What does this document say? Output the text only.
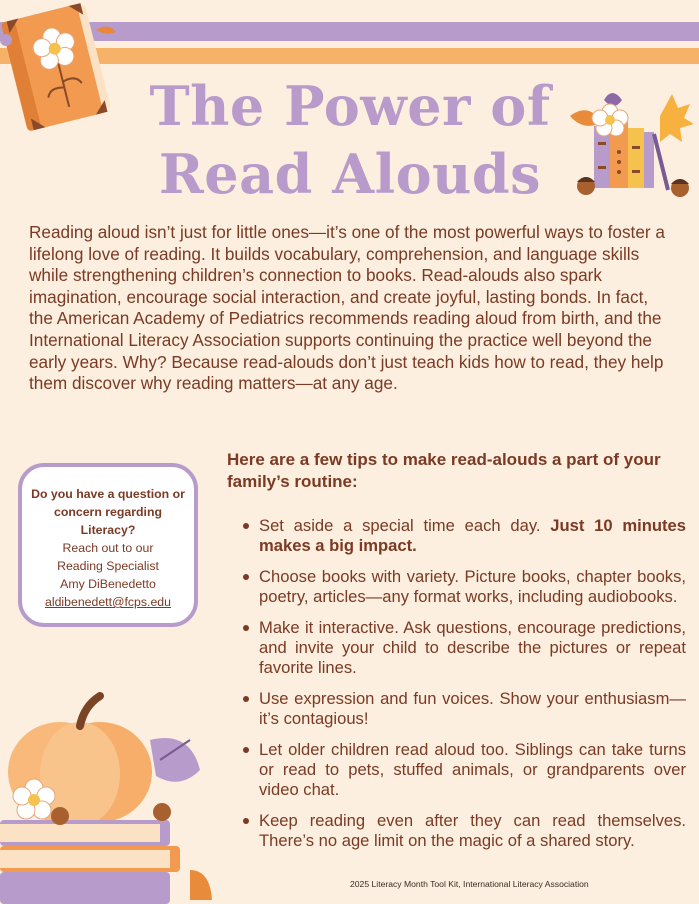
The Power of
Read Alouds

Reading aloud isn’t just for little ones—it’s one of the most powerful ways to foster a lifelong love of reading. It builds vocabulary, comprehension, and language skills while strengthening children’s connection to books. Read-alouds also spark imagination, encourage social interaction, and create joyful, lasting bonds. In fact, the American Academy of Pediatrics recommends reading aloud from birth, and the International Literacy Association supports continuing the practice well beyond the early years. Why? Because read-alouds don’t just teach kids how to read, they help them discover why reading matters—at any age.

Do you have a question or concern regarding Literacy?
Reach out to our
Reading Specialist
Amy DiBenedetto
aldibenedett@fcps.edu

Here are a few tips to make read-alouds a part of your family’s routine:

Set aside a special time each day. Just 10 minutes makes a big impact.
Choose books with variety. Picture books, chapter books, poetry, articles—any format works, including audiobooks.
Make it interactive. Ask questions, encourage predictions, and invite your child to describe the pictures or repeat favorite lines.
Use expression and fun voices. Show your enthusiasm—it’s contagious!
Let older children read aloud too. Siblings can take turns or read to pets, stuffed animals, or grandparents over video chat.
Keep reading even after they can read themselves. There’s no age limit on the magic of a shared story.

2025 Literacy Month Tool Kit, International Literacy Association
